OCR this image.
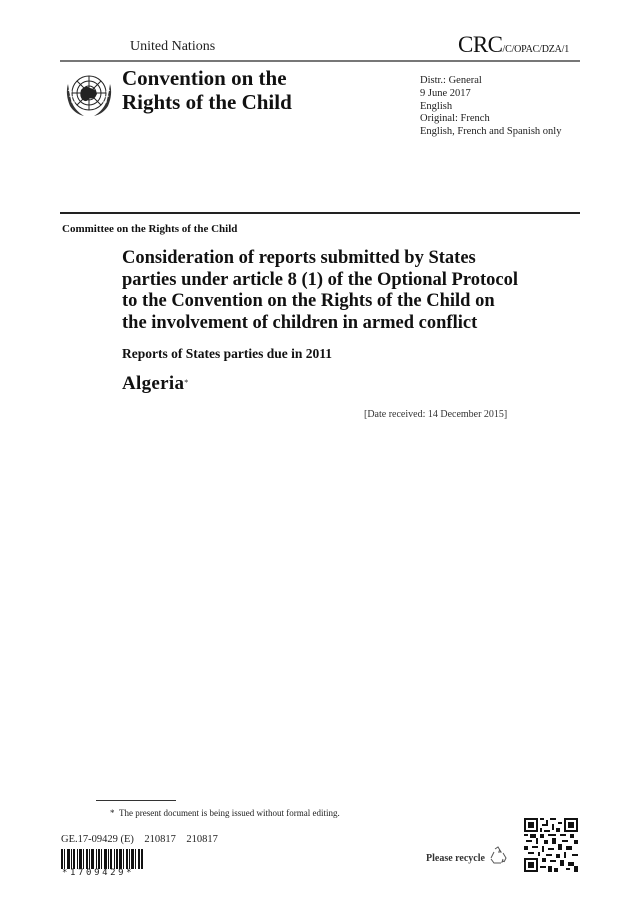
United Nations	CRC/C/OPAC/DZA/1
Convention on the
Rights of the Child
Distr.: General
9 June 2017
English
Original: French
English, French and Spanish only
Committee on the Rights of the Child
Consideration of reports submitted by States
parties under article 8 (1) of the Optional Protocol
to the Convention on the Rights of the Child on
the involvement of children in armed conflict
Reports of States parties due in 2011
Algeria*
[Date received: 14 December 2015]
* The present document is being issued without formal editing.
GE.17-09429 (E)    210817    210817
*1709429*
Please recycle
